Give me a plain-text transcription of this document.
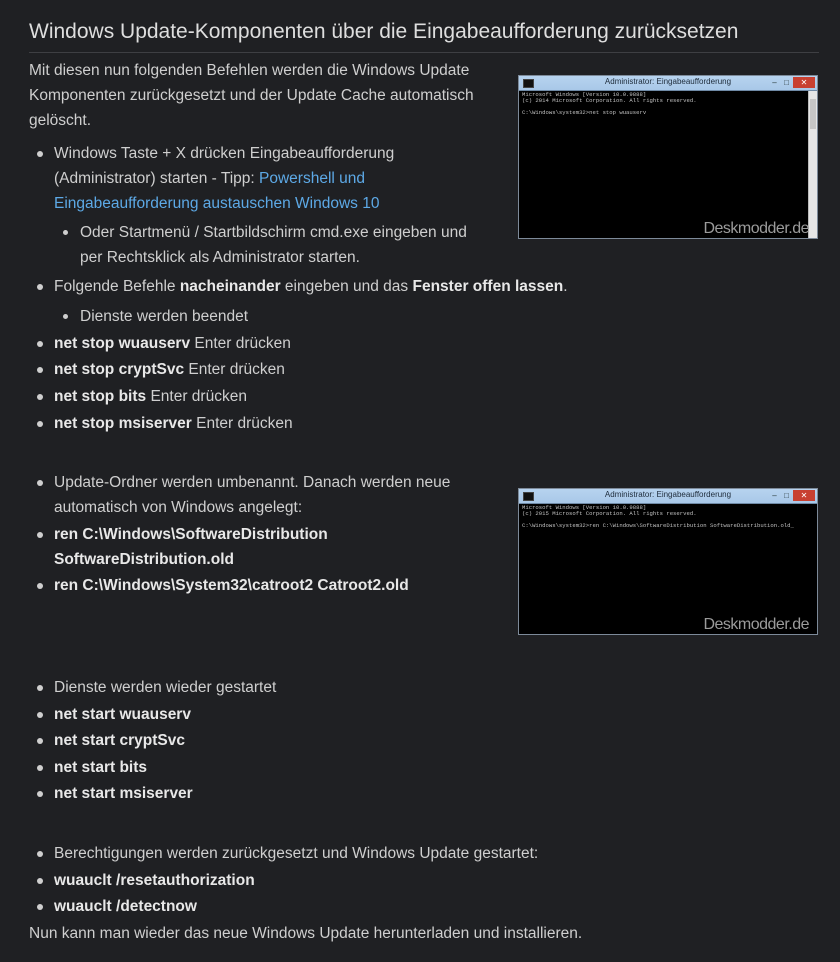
Windows Update-Komponenten über die Eingabeaufforderung zurücksetzen

Mit diesen nun folgenden Befehlen werden die Windows Update
Komponenten zurückgesetzt und der Update Cache automatisch
gelöscht.

Administrator: Eingabeaufforderung	– □	✕
Microsoft Windows [Version 10.0.9888]
(c) 2014 Microsoft Corporation. All rights reserved.

C:\Windows\system32>net stop wuauserv
Deskmodder.de
Windows Taste + X drücken Eingabeaufforderung
(Administrator) starten - Tipp: Powershell und
Eingabeaufforderung austauschen Windows 10
Oder Startmenü / Startbildschirm cmd.exe eingeben und
per Rechtsklick als Administrator starten.
Folgende Befehle nacheinander eingeben und das Fenster offen lassen.
Dienste werden beendet
net stop wuauserv Enter drücken
net stop cryptSvc Enter drücken
net stop bits Enter drücken
net stop msiserver Enter drücken
Update-Ordner werden umbenannt. Danach werden neue
automatisch von Windows angelegt:
ren C:\Windows\SoftwareDistribution
SoftwareDistribution.old
ren C:\Windows\System32\catroot2 Catroot2.old
Dienste werden wieder gestartet
net start wuauserv
net start cryptSvc
net start bits
net start msiserver
Berechtigungen werden zurückgesetzt und Windows Update gestartet:
wuauclt /resetauthorization
wuauclt /detectnow
Administrator: Eingabeaufforderung	– □	✕
Microsoft Windows [Version 10.0.9888]
(c) 2015 Microsoft Corporation. All rights reserved.

C:\Windows\system32>ren C:\Windows\SoftwareDistribution SoftwareDistribution.old_
Deskmodder.de

Nun kann man wieder das neue Windows Update herunterladen und installieren.
